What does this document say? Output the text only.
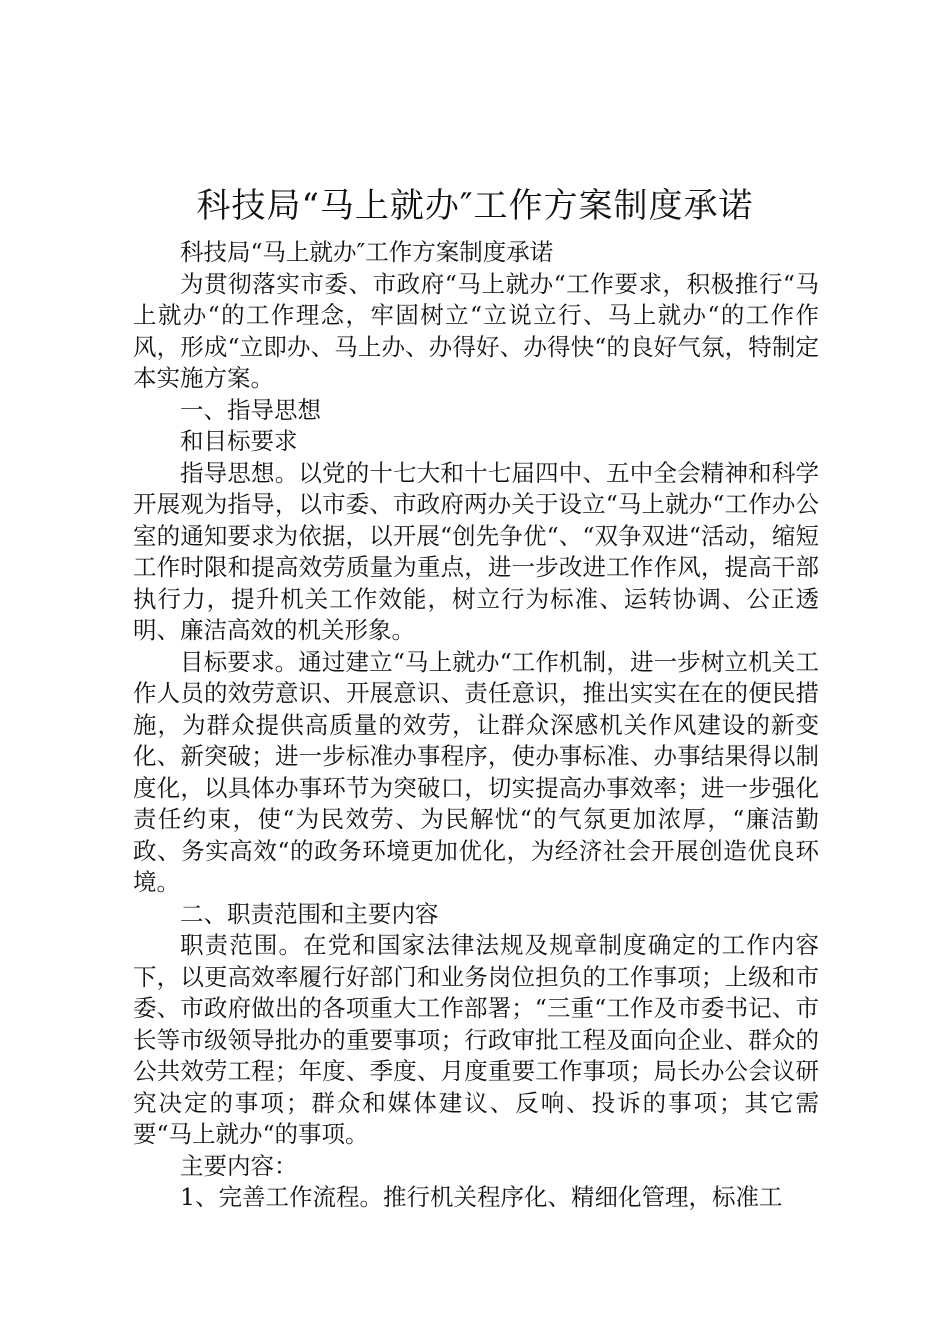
科技局“马上就办″工作方案制度承诺

科技局“马上就办″工作方案制度承诺

为贯彻落实市委、市政府“马上就办“工作要求，积极推行“马上就办“的工作理念，牢固树立“立说立行、马上就办“的工作作风，形成“立即办、马上办、办得好、办得快“的良好气氛，特制定本实施方案。

一、指导思想

和目标要求

指导思想。以党的十七大和十七届四中、五中全会精神和科学开展观为指导，以市委、市政府两办关于设立“马上就办“工作办公室的通知要求为依据，以开展“创先争优“、“双争双进“活动，缩短工作时限和提高效劳质量为重点，进一步改进工作作风，提高干部执行力，提升机关工作效能，树立行为标准、运转协调、公正透明、廉洁高效的机关形象。

目标要求。通过建立“马上就办“工作机制，进一步树立机关工作人员的效劳意识、开展意识、责任意识，推出实实在在的便民措施，为群众提供高质量的效劳，让群众深感机关作风建设的新变化、新突破；进一步标准办事程序，使办事标准、办事结果得以制度化，以具体办事环节为突破口，切实提高办事效率；进一步强化责任约束，使“为民效劳、为民解忧“的气氛更加浓厚，“廉洁勤政、务实高效“的政务环境更加优化，为经济社会开展创造优良环境。

二、职责范围和主要内容

职责范围。在党和国家法律法规及规章制度确定的工作内容下，以更高效率履行好部门和业务岗位担负的工作事项；上级和市委、市政府做出的各项重大工作部署；“三重“工作及市委书记、市长等市级领导批办的重要事项；行政审批工程及面向企业、群众的公共效劳工程；年度、季度、月度重要工作事项；局长办公会议研究决定的事项；群众和媒体建议、反响、投诉的事项；其它需要“马上就办“的事项。

主要内容：

1、完善工作流程。推行机关程序化、精细化管理，标准工
